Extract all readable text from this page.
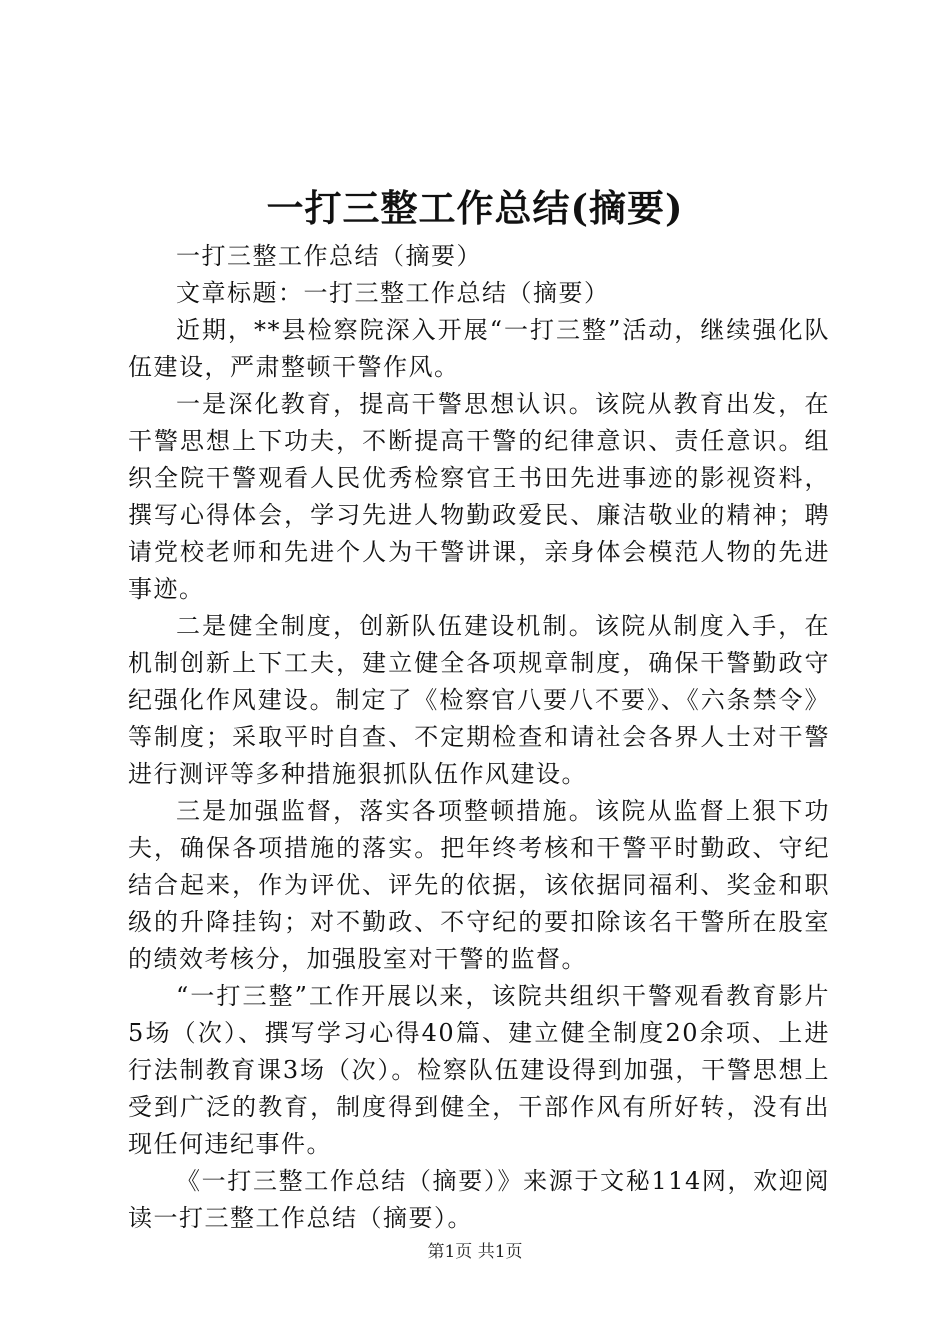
一打三整工作总结(摘要)

一打三整工作总结（摘要）

文章标题：一打三整工作总结（摘要）

近期，**县检察院深入开展“一打三整”活动，继续强化队伍建设，严肃整顿干警作风。

一是深化教育，提高干警思想认识。该院从教育出发，在干警思想上下功夫，不断提高干警的纪律意识、责任意识。组织全院干警观看人民优秀检察官王书田先进事迹的影视资料，撰写心得体会，学习先进人物勤政爱民、廉洁敬业的精神；聘请党校老师和先进个人为干警讲课，亲身体会模范人物的先进事迹。

二是健全制度，创新队伍建设机制。该院从制度入手，在机制创新上下工夫，建立健全各项规章制度，确保干警勤政守纪强化作风建设。制定了《检察官八要八不要》、《六条禁令》等制度；采取平时自查、不定期检查和请社会各界人士对干警进行测评等多种措施狠抓队伍作风建设。

三是加强监督，落实各项整顿措施。该院从监督上狠下功夫，确保各项措施的落实。把年终考核和干警平时勤政、守纪结合起来，作为评优、评先的依据，该依据同福利、奖金和职级的升降挂钩；对不勤政、不守纪的要扣除该名干警所在股室的绩效考核分，加强股室对干警的监督。

“一打三整”工作开展以来，该院共组织干警观看教育影片5场（次）、撰写学习心得40篇、建立健全制度20余项、上进行法制教育课3场（次）。检察队伍建设得到加强，干警思想上受到广泛的教育，制度得到健全，干部作风有所好转，没有出现任何违纪事件。

《一打三整工作总结（摘要）》来源于文秘114网，欢迎阅读一打三整工作总结（摘要）。

第1页 共1页
